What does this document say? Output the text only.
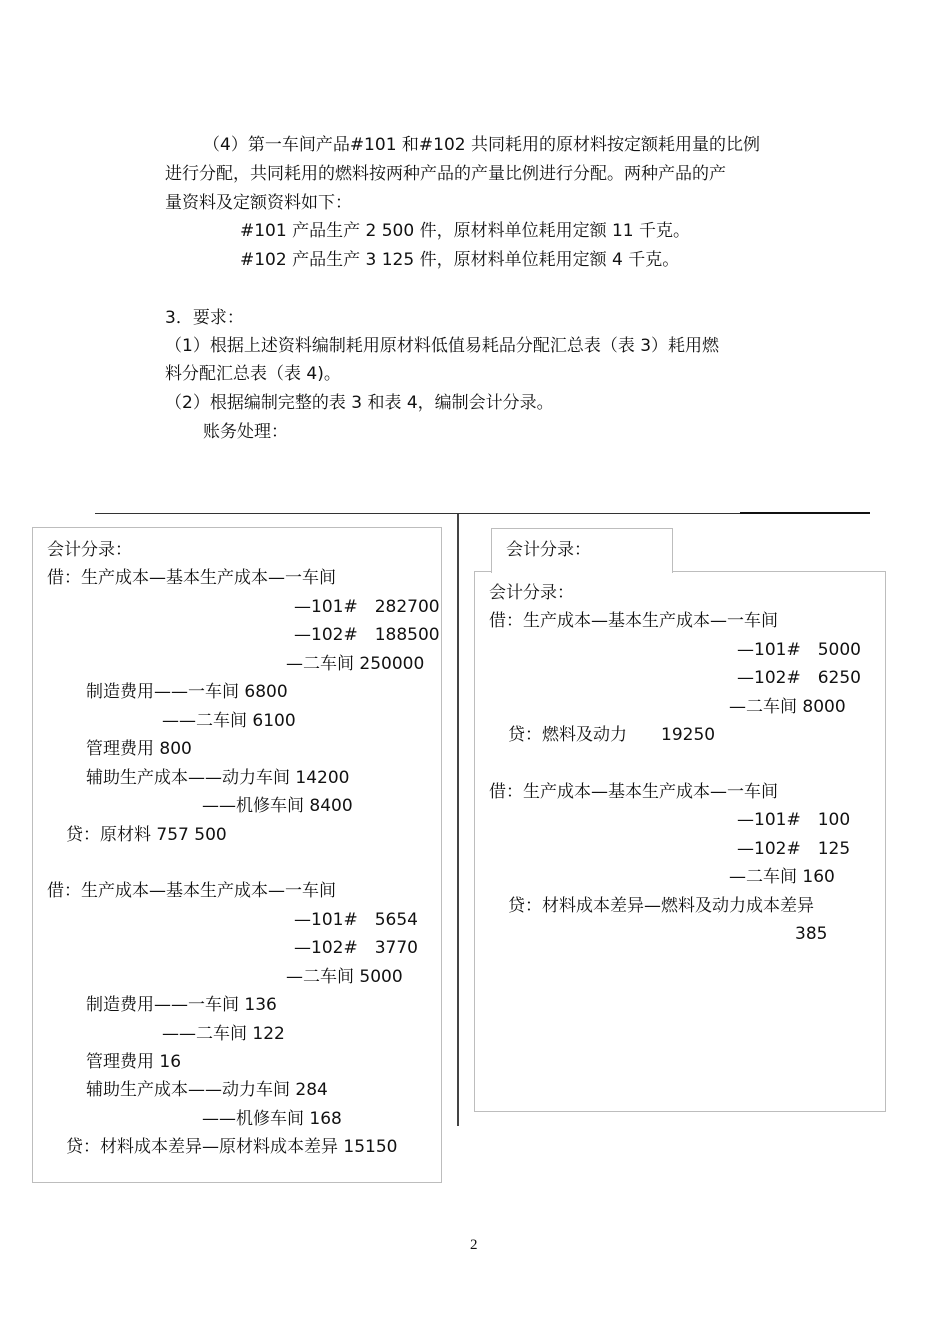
（4）第一车间产品#101 和#102 共同耗用的原材料按定额耗用量的比例
进行分配，共同耗用的燃料按两种产品的产量比例进行分配。两种产品的产
量资料及定额资料如下：
#101 产品生产 2 500 件，原材料单位耗用定额 11 千克。
#102 产品生产 3 125 件，原材料单位耗用定额 4 千克。
3．要求：
（1）根据上述资料编制耗用原材料低值易耗品分配汇总表（表 3）耗用燃
料分配汇总表（表 4)。
（2）根据编制完整的表 3 和表 4，编制会计分录。
账务处理：
会计分录：
借：生产成本—基本生产成本—一车间
—101#　282700
—102#　188500
—二车间 250000
制造费用——一车间 6800
——二车间 6100
管理费用 800
辅助生产成本——动力车间 14200
——机修车间 8400
贷：原材料 757 500
借：生产成本—基本生产成本—一车间
—101#　5654
—102#　3770
—二车间 5000
制造费用——一车间 136
——二车间 122
管理费用 16
辅助生产成本——动力车间 284
——机修车间 168
贷：材料成本差异—原材料成本差异 15150
会计分录：
会计分录：
借：生产成本—基本生产成本—一车间
—101#　5000
—102#　6250
—二车间 8000
贷：燃料及动力　　19250
借：生产成本—基本生产成本—一车间
—101#　100
—102#　125
—二车间 160
贷：材料成本差异—燃料及动力成本差异
385
2
